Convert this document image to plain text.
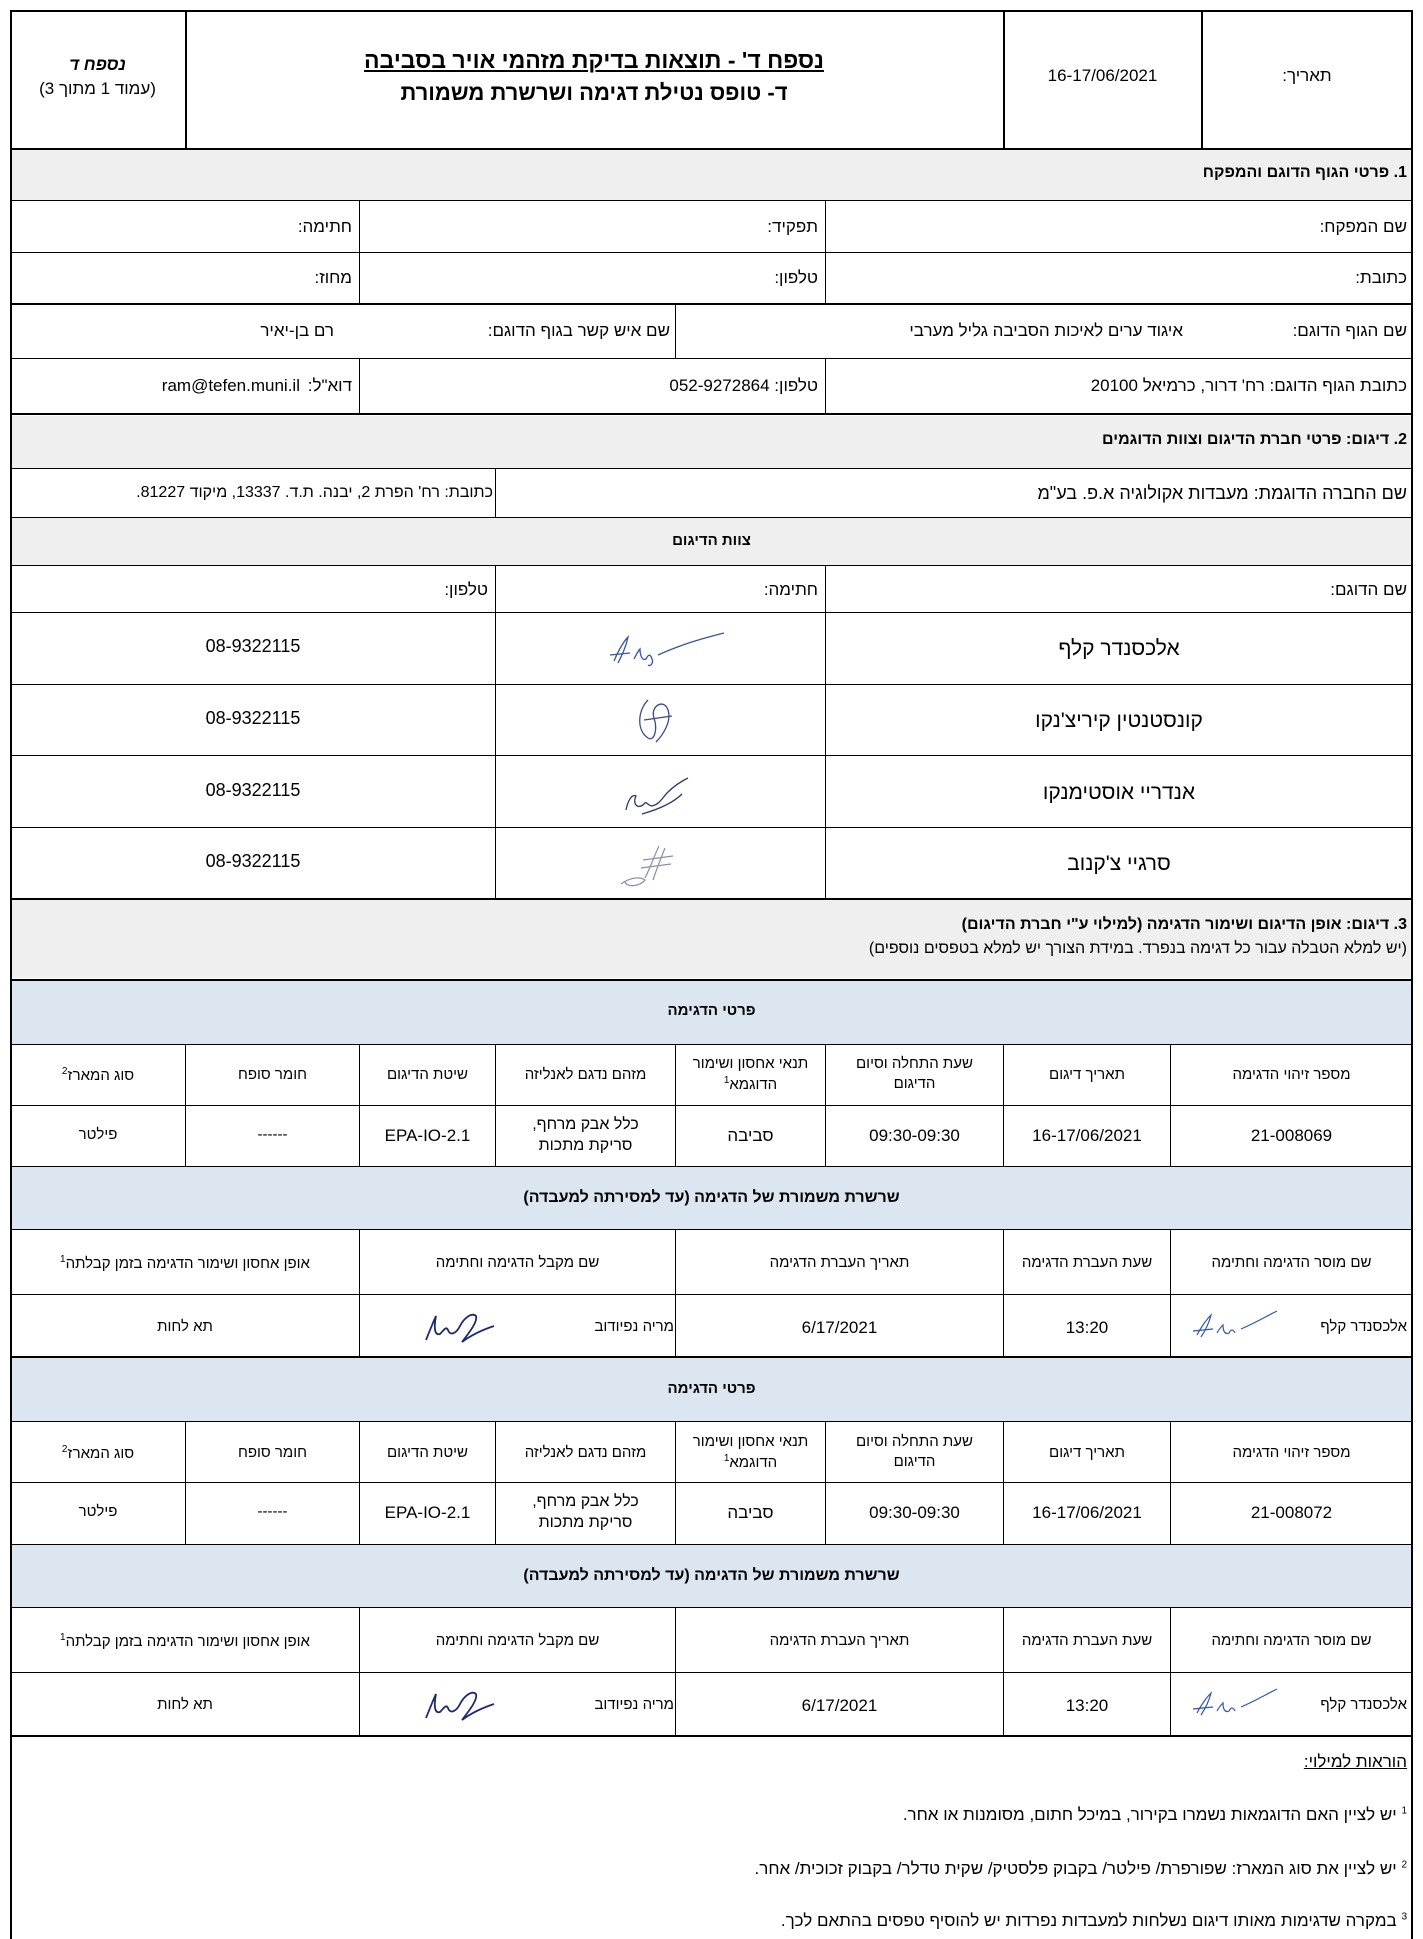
נספח ד
(עמוד 1 מתוך 3)
נספח ד' - תוצאות בדיקת מזהמי אויר בסביבה
ד- טופס נטילת דגימה ושרשרת משמורת
16-17/06/2021	תאריך:
1. פרטי הגוף הדוגם והמפקח
שם המפקח:
תפקיד:
חתימה:
כתובת:
טלפון:
מחוז:
שם הגוף הדוגם:
איגוד ערים לאיכות הסביבה גליל מערבי
שם איש קשר בגוף הדוגם:
רם בן-יאיר
כתובת הגוף הדוגם: רח' דרור, כרמיאל 20100
טלפון: 052-9272864
דוא"ל:
ram@tefen.muni.il
2. דיגום: פרטי חברת הדיגום וצוות הדוגמים
שם החברה הדוגמת: מעבדות אקולוגיה א.פ. בע"מ
כתובת: רח' הפרת 2, יבנה. ת.ד. 13337, מיקוד 81227.
צוות הדיגום
שם הדוגם:
חתימה:
טלפון:
אלכסנדר קלף
08-9322115
קונסטנטין קיריצ'נקו
08-9322115
אנדריי אוסטימנקו
08-9322115
סרגיי צ'קנוב
08-9322115
3. דיגום: אופן הדיגום ושימור הדגימה (למילוי ע"י חברת הדיגום)
(יש למלא הטבלה עבור כל דגימה בנפרד. במידת הצורך יש למלא בטפסים נוספים)
פרטי הדגימה
מספר זיהוי הדגימה
תאריך דיגום
שעת התחלה וסיום
הדיגום
תנאי אחסון ושימור
הדוגמא$^1$
מזהם נדגם לאנליזה
שיטת הדיגום
חומר סופח
21-008069
16-17/06/2021
09:30-09:30
סביבה
כלל אבק מרחף,
סריקת מתכות
EPA-IO-2.1
פילטר
שרשרת משמורת של הדגימה (עד למסירתה למעבדה)
שם מוסר הדגימה וחתימה
שעת העברת הדגימה
תאריך העברת הדגימה
שם מקבל הדגימה וחתימה
אופן אחסון ושימור הדגימה בזמן קבלתה$^1$
אלכסנדר קלף
13:20
6/17/2021
מריה נפיודוב
תא לחות
פרטי הדגימה
מספר זיהוי הדגימה
תאריך דיגום
שעת התחלה וסיום
הדיגום
תנאי אחסון ושימור
הדוגמא$^1$
מזהם נדגם לאנליזה
שיטת הדיגום
21-008072
16-17/06/2021
09:30-09:30
סביבה
כלל אבק מרחף,
סריקת מתכות
EPA-IO-2.1
פילטר
שרשרת משמורת של הדגימה (עד למסירתה למעבדה)
שם מוסר הדגימה וחתימה
שעת העברת הדגימה
תאריך העברת הדגימה
שם מקבל הדגימה וחתימה
אופן אחסון ושימור הדגימה בזמן קבלתה$^1$
אלכסנדר קלף
13:20
6/17/2021
מריה נפיודוב
תא לחות
הוראות למילוי:
$^1$ יש לציין האם הדוגמאות נשמרו בקירור, במיכל חתום, מסומנות או אחר.
$^2$ יש לציין את סוג המארז: שפורפרת/ פילטר/ בקבוק פלסטיק/ שקית טדלר/ בקבוק זכוכית/ אחר.
$^3$ במקרה שדגימות מאותו דיגום נשלחות למעבדות נפרדות יש להוסיף טפסים בהתאם לכך.
סוג המארז$^2$
סוג המארז$^2$
------
------
חומר סופח
